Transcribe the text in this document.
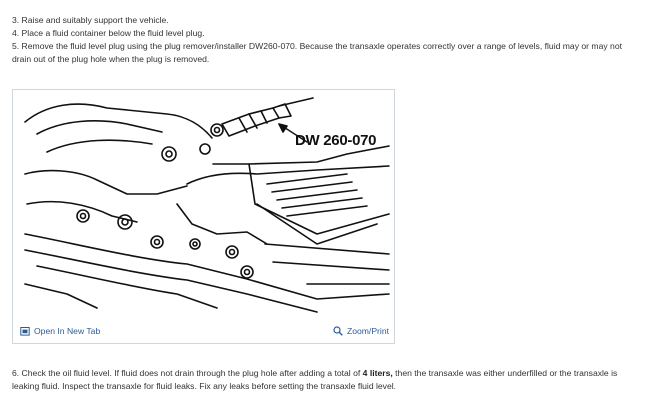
3. Raise and suitably support the vehicle.

4. Place a fluid container below the fluid level plug.

5. Remove the fluid level plug using the plug remover/installer DW260-070. Because the transaxle operates correctly over a range of levels, fluid may or may not drain out of the plug hole when the plug is removed.

DW 260-070
Open In New Tab	Zoom/Print

6. Check the oil fluid level. If fluid does not drain through the plug hole after adding a total of 4 liters, then the transaxle was either underfilled or the transaxle is leaking fluid. Inspect the transaxle for fluid leaks. Fix any leaks before setting the transaxle fluid level.
